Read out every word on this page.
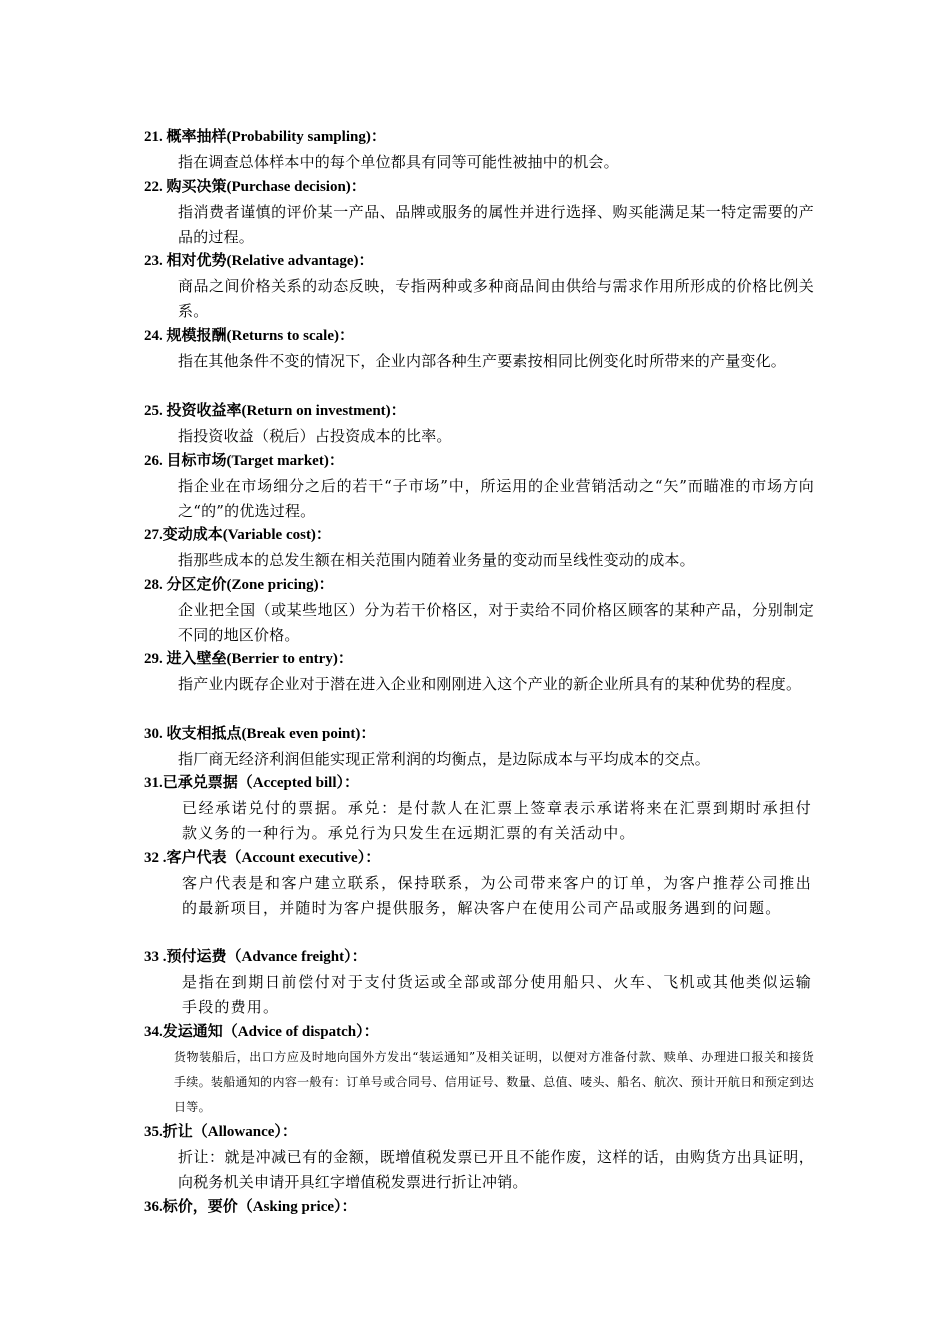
21. 概率抽样(Probability sampling)：
指在调查总体样本中的每个单位都具有同等可能性被抽中的机会。
22. 购买决策(Purchase decision)：
指消费者谨慎的评价某一产品、品牌或服务的属性并进行选择、购买能满足某一特定需要的产品的过程。
23. 相对优势(Relative advantage)：
商品之间价格关系的动态反映，专指两种或多种商品间由供给与需求作用所形成的价格比例关系。
24. 规模报酬(Returns to scale)：
指在其他条件不变的情况下，企业内部各种生产要素按相同比例变化时所带来的产量变化。
25. 投资收益率(Return on investment)：
指投资收益（税后）占投资成本的比率。
26. 目标市场(Target market)：
指企业在市场细分之后的若干“子市场”中，所运用的企业营销活动之“矢”而瞄准的市场方向之“的”的优选过程。
27.变动成本(Variable cost)：
指那些成本的总发生额在相关范围内随着业务量的变动而呈线性变动的成本。
28. 分区定价(Zone pricing)：
企业把全国（或某些地区）分为若干价格区，对于卖给不同价格区顾客的某种产品，分别制定不同的地区价格。
29. 进入壁垒(Berrier to entry)：
指产业内既存企业对于潜在进入企业和刚刚进入这个产业的新企业所具有的某种优势的程度。
30. 收支相抵点(Break even point)：
指厂商无经济利润但能实现正常利润的均衡点，是边际成本与平均成本的交点。
31.已承兑票据（Accepted bill）：
已经承诺兑付的票据。承兑：是付款人在汇票上签章表示承诺将来在汇票到期时承担付款义务的一种行为。承兑行为只发生在远期汇票的有关活动中。
32 .客户代表（Account executive）：
客户代表是和客户建立联系，保持联系，为公司带来客户的订单，为客户推荐公司推出的最新项目，并随时为客户提供服务，解决客户在使用公司产品或服务遇到的问题。
33 .预付运费（Advance freight）：
是指在到期日前偿付对于支付货运或全部或部分使用船只、火车、飞机或其他类似运输手段的费用。
34.发运通知（Advice of dispatch）：
货物装船后，出口方应及时地向国外方发出“装运通知”及相关证明，以便对方准备付款、赎单、办理进口报关和接货手续。装船通知的内容一般有：订单号或合同号、信用证号、数量、总值、唛头、船名、航次、预计开航日和预定到达日等。
35.折让（Allowance）：
折让：就是冲减已有的金额，既增值税发票已开且不能作废，这样的话，由购货方出具证明，向税务机关申请开具红字增值税发票进行折让冲销。
36.标价，要价（Asking price）：
